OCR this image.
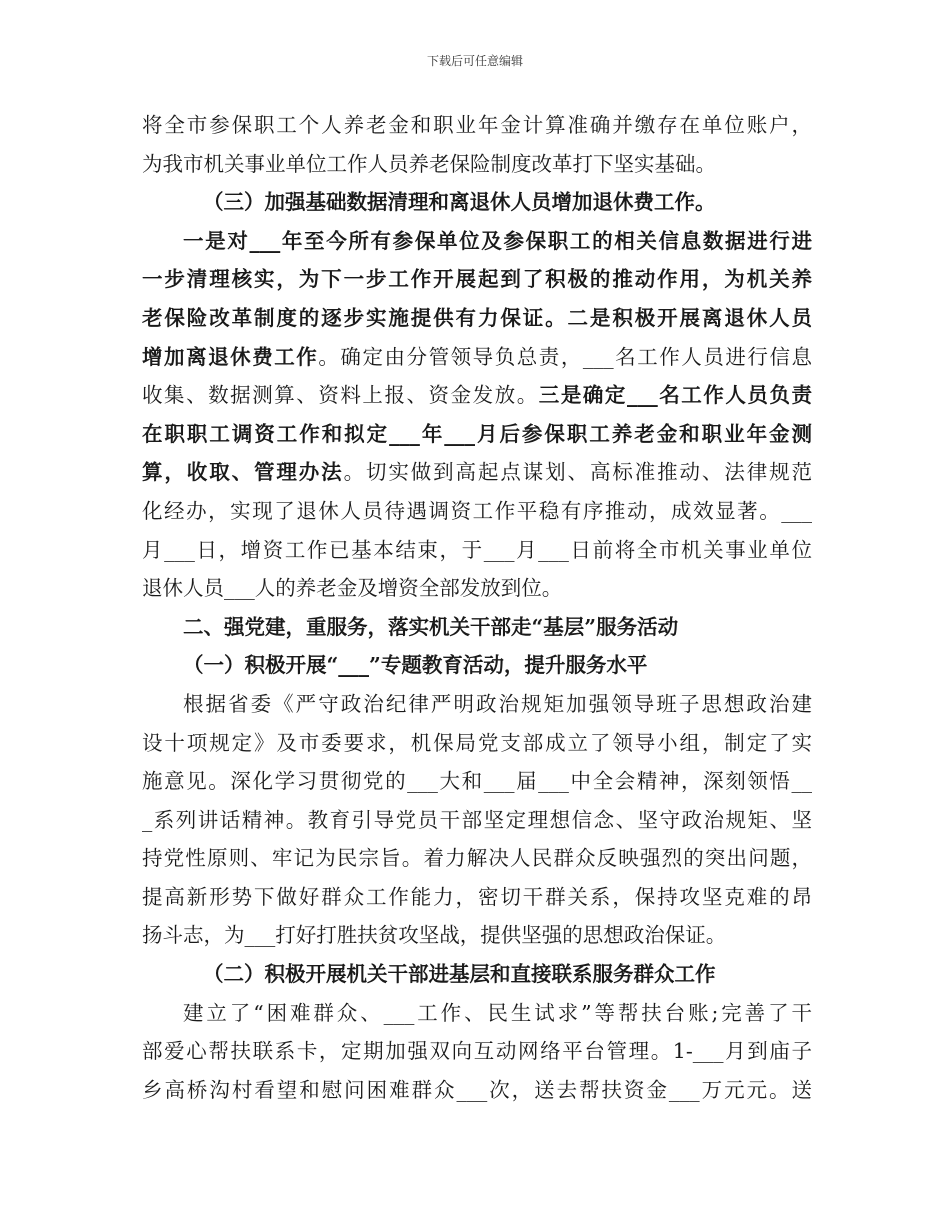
下载后可任意编辑
将全市参保职工个人养老金和职业年金计算准确并缴存在单位账户，
为我市机关事业单位工作人员养老保险制度改革打下坚实基础。
（三）加强基础数据清理和离退休人员增加退休费工作。
一是对___年至今所有参保单位及参保职工的相关信息数据进行进
一步清理核实，为下一步工作开展起到了积极的推动作用，为机关养
老保险改革制度的逐步实施提供有力保证。二是积极开展离退休人员
增加离退休费工作。确定由分管领导负总责，___名工作人员进行信息
收集、数据测算、资料上报、资金发放。三是确定___名工作人员负责
在职职工调资工作和拟定___年___月后参保职工养老金和职业年金测
算，收取、管理办法。切实做到高起点谋划、高标准推动、法律规范
化经办，实现了退休人员待遇调资工作平稳有序推动，成效显著。___
月___日，增资工作已基本结束，于___月___日前将全市机关事业单位
退休人员___人的养老金及增资全部发放到位。
二、强党建，重服务，落实机关干部走“基层”服务活动
（一）积极开展“___”专题教育活动，提升服务水平
根据省委《严守政治纪律严明政治规矩加强领导班子思想政治建
设十项规定》及市委要求，机保局党支部成立了领导小组，制定了实
施意见。深化学习贯彻党的___大和___届___中全会精神，深刻领悟__
_系列讲话精神。教育引导党员干部坚定理想信念、坚守政治规矩、坚
持党性原则、牢记为民宗旨。着力解决人民群众反映强烈的突出问题，
提高新形势下做好群众工作能力，密切干群关系，保持攻坚克难的昂
扬斗志，为___打好打胜扶贫攻坚战，提供坚强的思想政治保证。
（二）积极开展机关干部进基层和直接联系服务群众工作
建立了“困难群众、___工作、民生试求”等帮扶台账;完善了干
部爱心帮扶联系卡，定期加强双向互动网络平台管理。1-___月到庙子
乡高桥沟村看望和慰问困难群众___次，送去帮扶资金___万元元。送
